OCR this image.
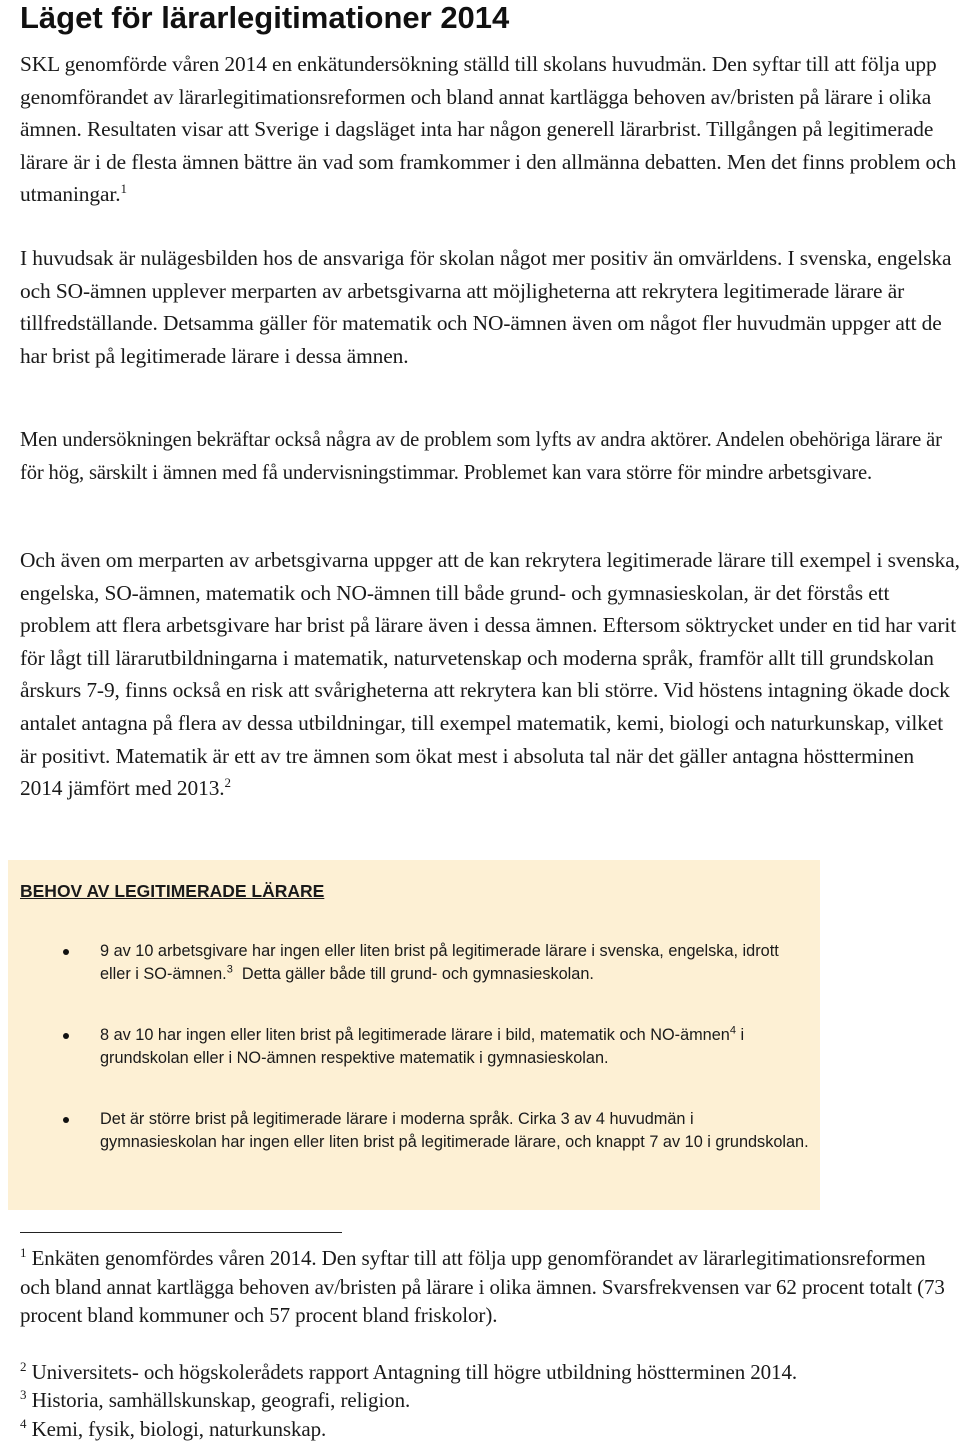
Läget för lärarlegitimationer 2014

SKL genomförde våren 2014 en enkätundersökning ställd till skolans huvudmän. Den syftar till att följa upp genomförandet av lärarlegitimationsreformen och bland annat kartlägga behoven av/bristen på lärare i olika ämnen. Resultaten visar att Sverige i dagsläget inta har någon generell lärarbrist. Tillgången på legitimerade lärare är i de flesta ämnen bättre än vad som framkommer i den allmänna debatten. Men det finns problem och utmaningar.$^1$

I huvudsak är nulägesbilden hos de ansvariga för skolan något mer positiv än omvärldens. I svenska, engelska och SO-ämnen upplever merparten av arbetsgivarna att möjligheterna att rekrytera legitimerade lärare är tillfredställande. Detsamma gäller för matematik och NO-ämnen även om något fler huvudmän uppger att de har brist på legitimerade lärare i dessa ämnen.

Men undersökningen bekräftar också några av de problem som lyfts av andra aktörer. Andelen obehöriga lärare är för hög, särskilt i ämnen med få undervisningstimmar. Problemet kan vara större för mindre arbetsgivare.

Och även om merparten av arbetsgivarna uppger att de kan rekrytera legitimerade lärare till exempel i svenska, engelska, SO-ämnen, matematik och NO-ämnen till både grund- och gymnasieskolan, är det förstås ett problem att flera arbetsgivare har brist på lärare även i dessa ämnen. Eftersom söktrycket under en tid har varit för lågt till lärarutbildningarna i matematik, naturvetenskap och moderna språk, framför allt till grundskolan årskurs 7-9, finns också en risk att svårigheterna att rekrytera kan bli större. Vid höstens intagning ökade dock antalet antagna på flera av dessa utbildningar, till exempel matematik, kemi, biologi och naturkunskap, vilket är positivt. Matematik är ett av tre ämnen som ökat mest i absoluta tal när det gäller antagna höstterminen 2014 jämfört med 2013.$^2$

BEHOV AV LEGITIMERADE LÄRARE
9 av 10 arbetsgivare har ingen eller liten brist på legitimerade lärare i svenska, engelska, idrott eller i SO-ämnen.$^3$  Detta gäller både till grund- och gymnasieskolan.
8 av 10 har ingen eller liten brist på legitimerade lärare i bild, matematik och NO-ämnen$^4$ i grundskolan eller i NO-ämnen respektive matematik i gymnasieskolan.
Det är större brist på legitimerade lärare i moderna språk. Cirka 3 av 4 huvudmän i gymnasieskolan har ingen eller liten brist på legitimerade lärare, och knappt 7 av 10 i grundskolan.

$^1$ Enkäten genomfördes våren 2014. Den syftar till att följa upp genomförandet av lärarlegitimationsreformen och bland annat kartlägga behoven av/bristen på lärare i olika ämnen. Svarsfrekvensen var 62 procent totalt (73 procent bland kommuner och 57 procent bland friskolor).

$^2$ Universitets- och högskolerådets rapport Antagning till högre utbildning höstterminen 2014.

$^3$ Historia, samhällskunskap, geografi, religion.

$^4$ Kemi, fysik, biologi, naturkunskap.
